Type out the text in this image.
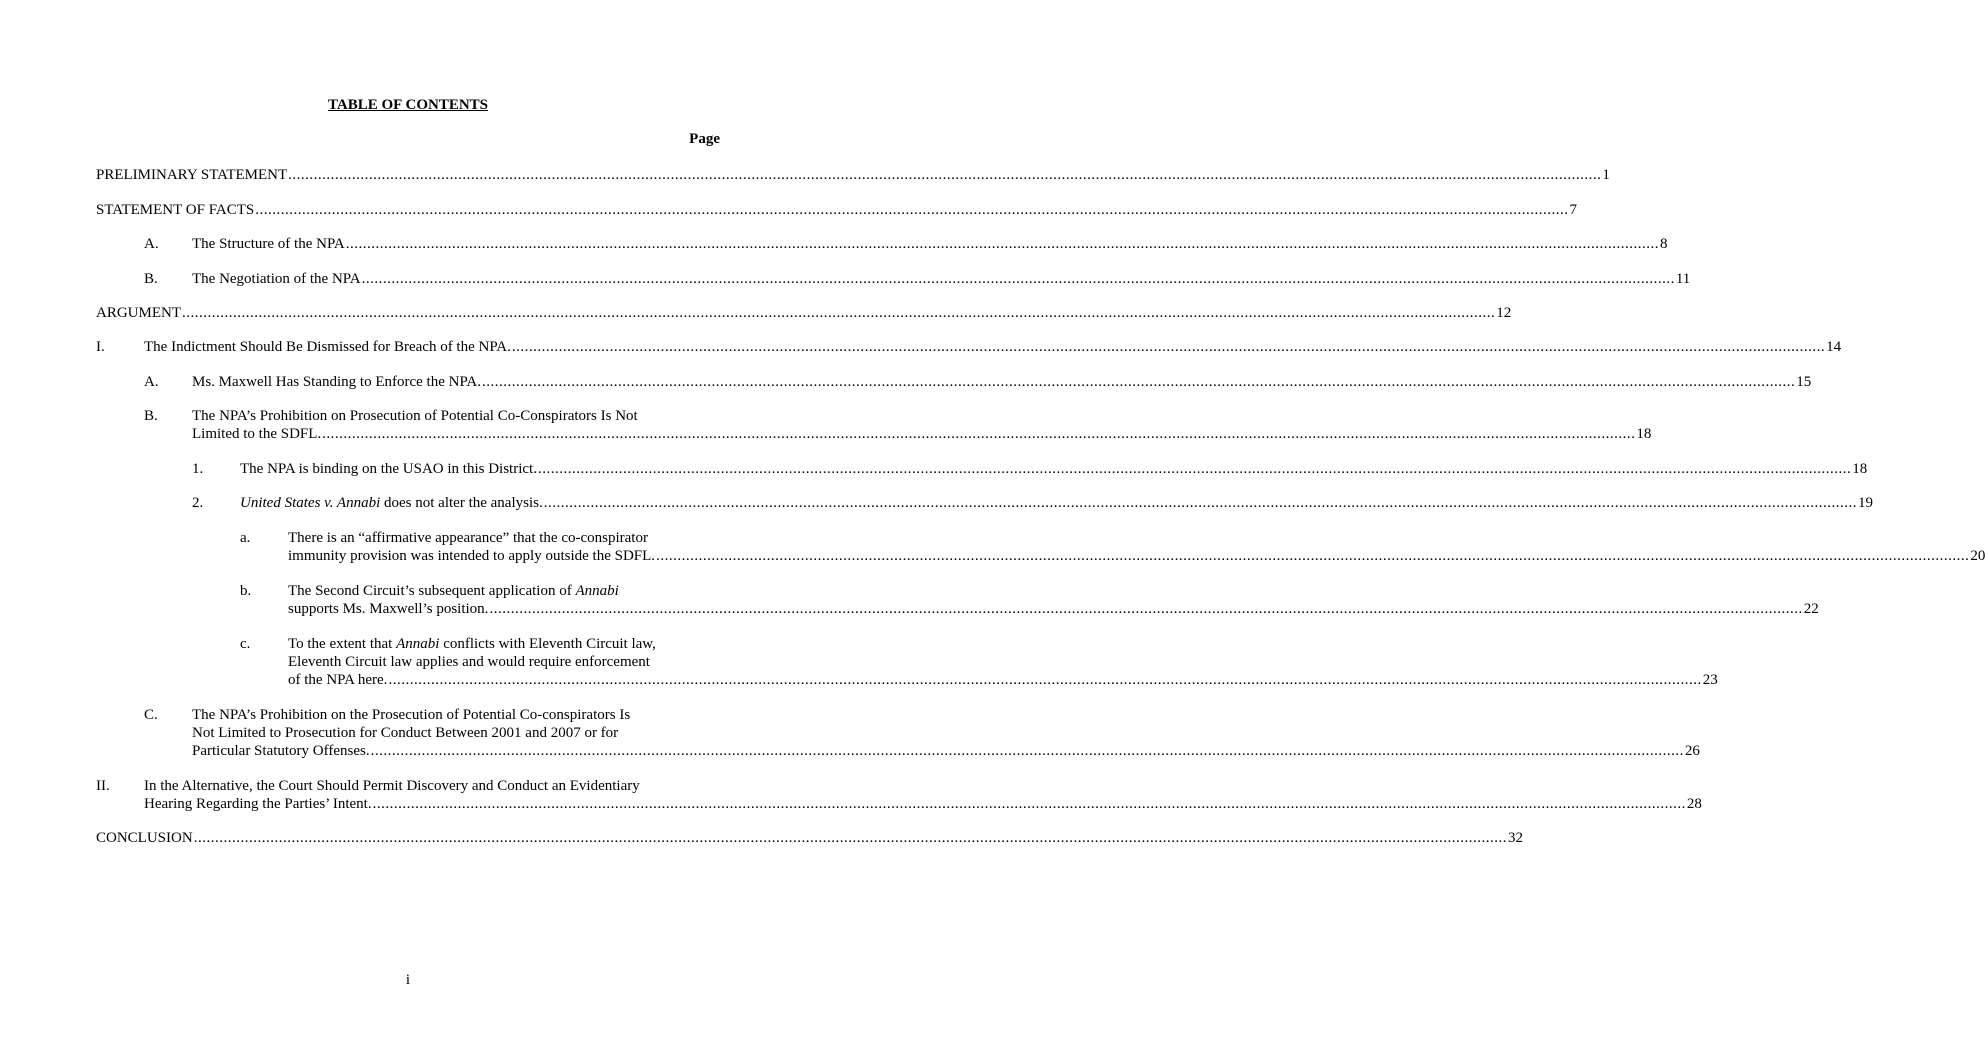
TABLE OF CONTENTS
Page
PRELIMINARY STATEMENT .....	1
STATEMENT OF FACTS .....	7
A.	The Structure of the NPA .....	8
B.	The Negotiation of the NPA .....	11
ARGUMENT .....	12
I.	The Indictment Should Be Dismissed for Breach of the NPA. .....	14
A.	Ms. Maxwell Has Standing to Enforce the NPA. .....	15
B.	The NPA’s Prohibition on Prosecution of Potential Co-Conspirators Is Not
Limited to the SDFL. .....	18
1.	The NPA is binding on the USAO in this District. .....	18
2.	United States v. Annabi does not alter the analysis. .....	19
a.	There is an “affirmative appearance” that the co-conspirator
immunity provision was intended to apply outside the SDFL. .....	20
b.	The Second Circuit’s subsequent application of Annabi
supports Ms. Maxwell’s position. .....	22
c.	To the extent that Annabi conflicts with Eleventh Circuit law,
Eleventh Circuit law applies and would require enforcement
of the NPA here. .....	23
C.	The NPA’s Prohibition on the Prosecution of Potential Co-conspirators Is
Not Limited to Prosecution for Conduct Between 2001 and 2007 or for
Particular Statutory Offenses. .....	26
II.	In the Alternative, the Court Should Permit Discovery and Conduct an Evidentiary
Hearing Regarding the Parties’ Intent. .....	28
CONCLUSION .....	32
i
